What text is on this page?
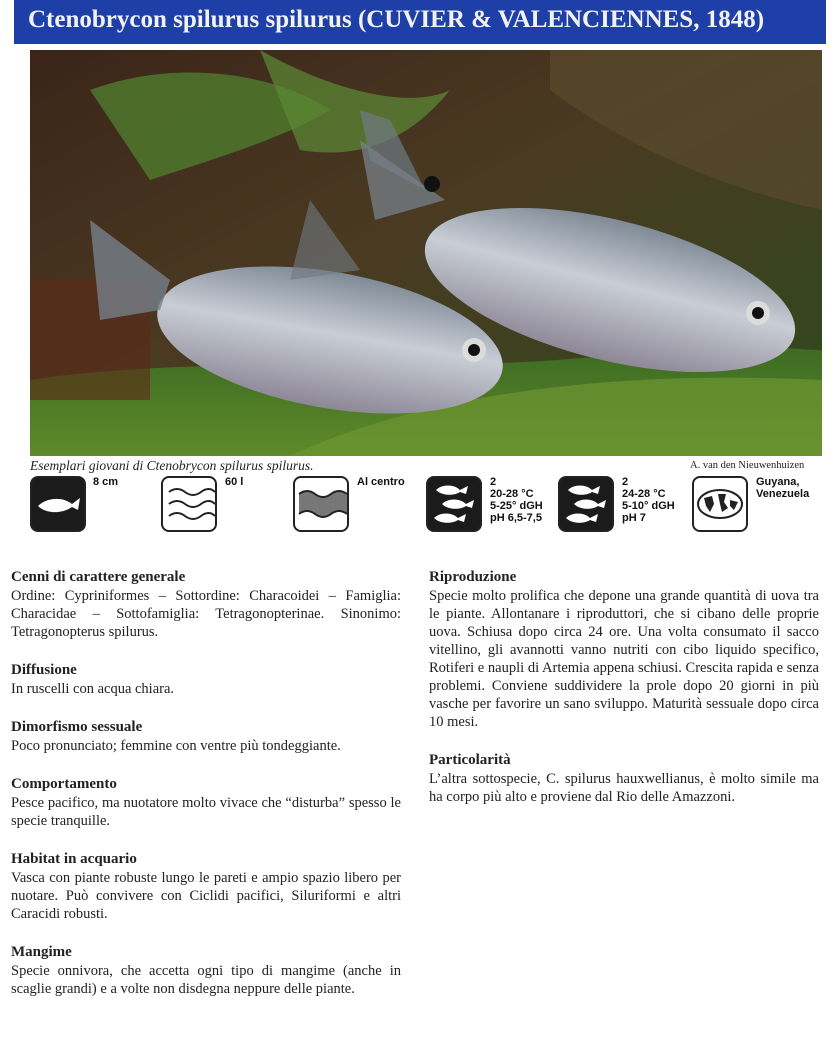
Ctenobrycon spilurus spilurus (CUVIER & VALENCIENNES, 1848)
Esemplari giovani di Ctenobrycon spilurus spilurus.	A. van den Nieuwenhuizen
8 cm	60 l	Al centro	2
20-28 °C
5-25° dGH
pH 6,5-7,5
2
24-28 °C
5-10° dGH
pH 7
Guyana,
Venezuela
Cenni di carattere generale

Ordine: Cypriniformes – Sottordine: Characoidei – Famiglia: Characidae – Sottofamiglia: Tetragonopterinae. Sinonimo: Tetragonopterus spilurus.

Diffusione

In ruscelli con acqua chiara.

Dimorfismo sessuale

Poco pronunciato; femmine con ventre più tondeggiante.

Comportamento

Pesce pacifico, ma nuotatore molto vivace che “disturba” spesso le specie tranquille.

Habitat in acquario

Vasca con piante robuste lungo le pareti e ampio spazio libero per nuotare. Può convivere con Ciclidi pacifici, Siluriformi e altri Caracidi robusti.

Mangime

Specie onnivora, che accetta ogni tipo di mangime (anche in scaglie grandi) e a volte non disdegna neppure delle piante.

Riproduzione

Specie molto prolifica che depone una grande quantità di uova tra le piante. Allontanare i riproduttori, che si cibano delle proprie uova. Schiusa dopo circa 24 ore. Una volta consumato il sacco vitellino, gli avannotti vanno nutriti con cibo liquido specifico, Rotiferi e naupli di Artemia appena schiusi. Crescita rapida e senza problemi. Conviene suddividere la prole dopo 20 giorni in più vasche per favorire un sano sviluppo. Maturità sessuale dopo circa 10 mesi.

Particolarità

L’altra sottospecie, C. spilurus hauxwellianus, è molto simile ma ha corpo più alto e proviene dal Rio delle Amazzoni.
